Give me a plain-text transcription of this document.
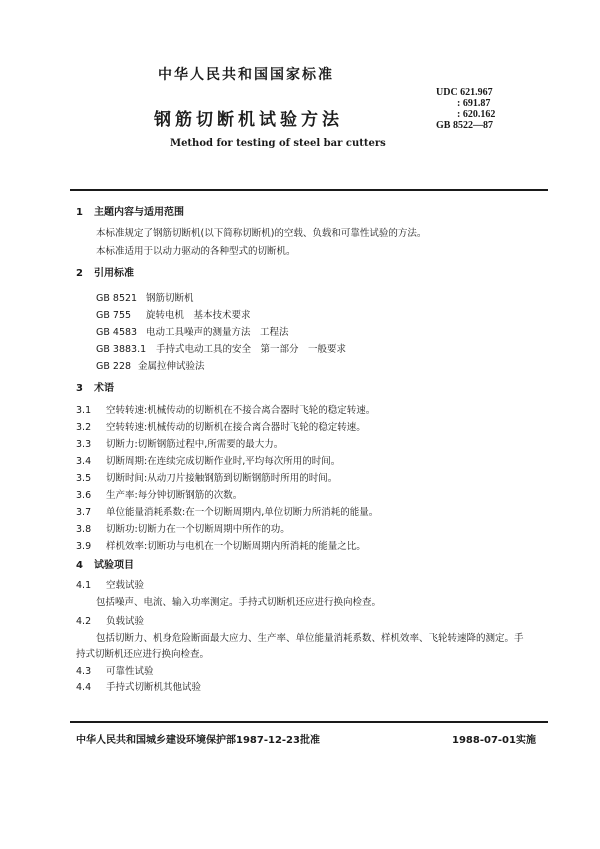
中华人民共和国国家标准
钢筋切断机试验方法
Method for testing of steel bar cutters
UDC 621.967
: 691.87
: 620.162
GB 8522—87
1 主题内容与适用范围
本标准规定了钢筋切断机(以下简称切断机)的空载、负载和可靠性试验的方法。
本标准适用于以动力驱动的各种型式的切断机。
2 引用标准
GB 8521 钢筋切断机
GB 755 旋转电机　基本技术要求
GB 4583 电动工具噪声的测量方法　工程法
GB 3883.1 手持式电动工具的安全　第一部分　一般要求
GB 228 金属拉伸试验法
3 术语
3.1 空转转速:机械传动的切断机在不接合离合器时飞轮的稳定转速。
3.2 空转转速:机械传动的切断机在接合离合器时飞轮的稳定转速。
3.3 切断力:切断钢筋过程中,所需要的最大力。
3.4 切断周期:在连续完成切断作业时,平均每次所用的时间。
3.5 切断时间:从动刀片接触钢筋到切断钢筋时所用的时间。
3.6 生产率:每分钟切断钢筋的次数。
3.7 单位能量消耗系数:在一个切断周期内,单位切断力所消耗的能量。
3.8 切断功:切断力在一个切断周期中所作的功。
3.9 样机效率:切断功与电机在一个切断周期内所消耗的能量之比。
4 试验项目
4.1 空载试验
包括噪声、电流、输入功率测定。手持式切断机还应进行换向检查。
4.2 负载试验
包括切断力、机身危险断面最大应力、生产率、单位能量消耗系数、样机效率、飞轮转速降的测定。手
持式切断机还应进行换向检查。
4.3 可靠性试验
4.4 手持式切断机其他试验
中华人民共和国城乡建设环境保护部1987-12-23批准	1988-07-01实施
